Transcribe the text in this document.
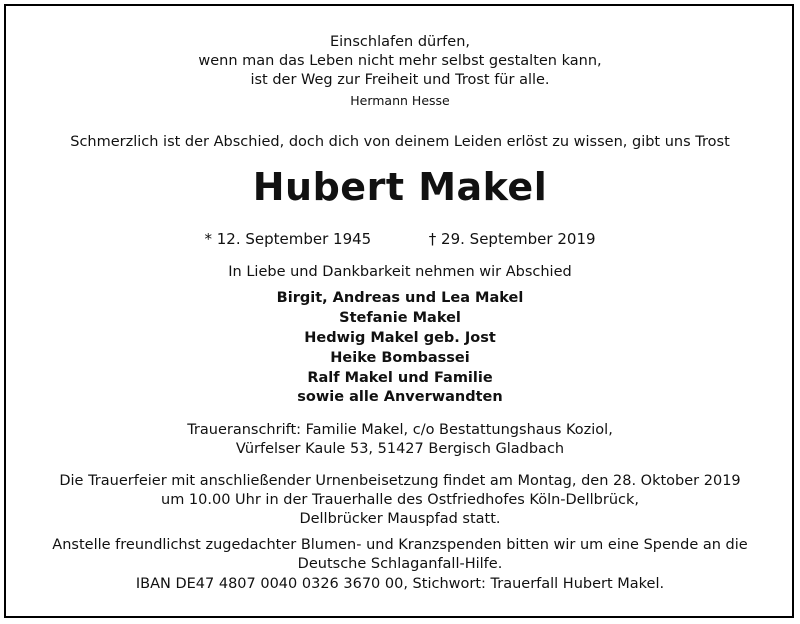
Einschlafen dürfen,
wenn man das Leben nicht mehr selbst gestalten kann,
ist der Weg zur Freiheit und Trost für alle.
Hermann Hesse
Schmerzlich ist der Abschied, doch dich von deinem Leiden erlöst zu wissen, gibt uns Trost
Hubert Makel
* 12. September 1945	† 29. September 2019
In Liebe und Dankbarkeit nehmen wir Abschied
Birgit, Andreas und Lea Makel
Stefanie Makel
Hedwig Makel geb. Jost
Heike Bombassei
Ralf Makel und Familie
sowie alle Anverwandten
Traueranschrift: Familie Makel, c/o Bestattungshaus Koziol,
Vürfelser Kaule 53, 51427 Bergisch Gladbach
Die Trauerfeier mit anschließender Urnenbeisetzung findet am Montag, den 28. Oktober 2019
um 10.00 Uhr in der Trauerhalle des Ostfriedhofes Köln-Dellbrück,
Dellbrücker Mauspfad statt.
Anstelle freundlichst zugedachter Blumen- und Kranzspenden bitten wir um eine Spende an die
Deutsche Schlaganfall-Hilfe.
IBAN DE47 4807 0040 0326 3670 00, Stichwort: Trauerfall Hubert Makel.
